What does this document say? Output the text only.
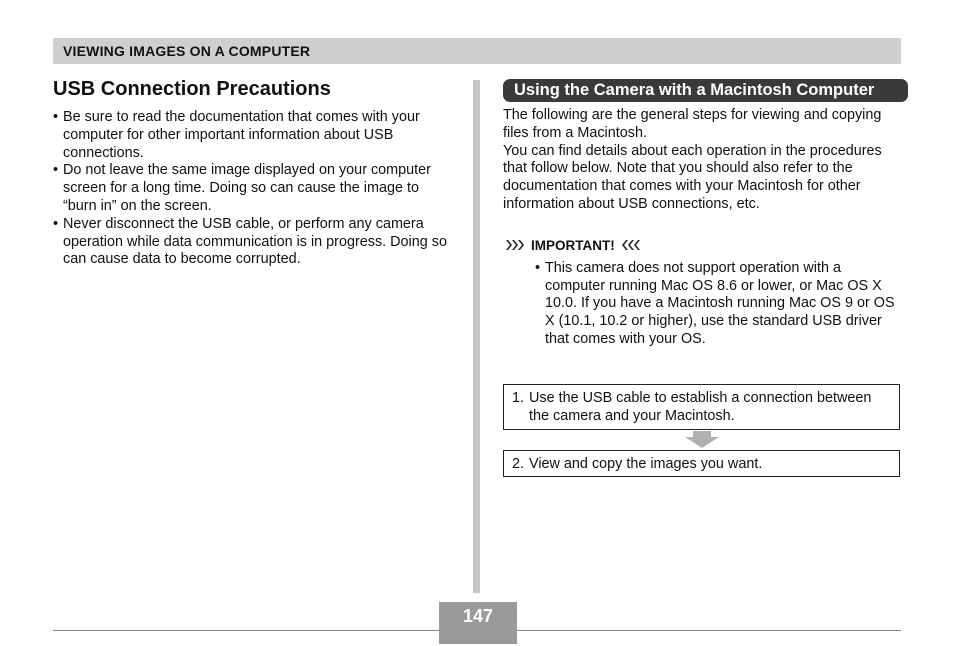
VIEWING IMAGES ON A COMPUTER
USB Connection Precautions
• Be sure to read the documentation that comes with your computer for other important information about USB connections.
• Do not leave the same image displayed on your computer screen for a long time. Doing so can cause the image to “burn in” on the screen.
• Never disconnect the USB cable, or perform any camera operation while data communication is in progress. Doing so can cause data to become corrupted.
Using the Camera with a Macintosh Computer
The following are the general steps for viewing and copying files from a Macintosh.
You can find details about each operation in the procedures that follow below. Note that you should also refer to the documentation that comes with your Macintosh for other information about USB connections, etc.
IMPORTANT!
• This camera does not support operation with a computer running Mac OS 8.6 or lower, or Mac OS X 10.0. If you have a Macintosh running Mac OS 9 or OS X (10.1, 10.2 or higher), use the standard USB driver that comes with your OS.
1. Use the USB cable to establish a connection between the camera and your Macintosh.
2. View and copy the images you want.
147
